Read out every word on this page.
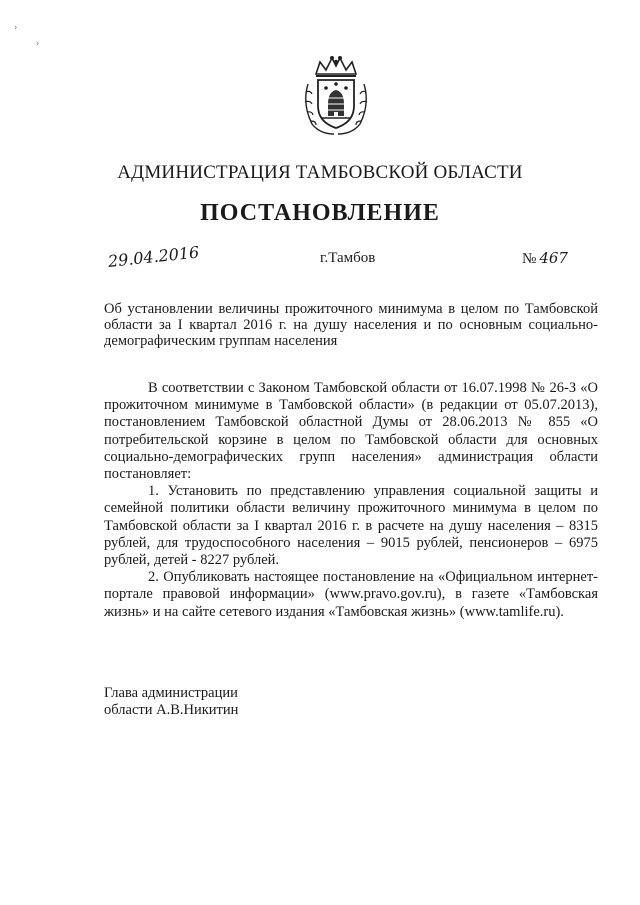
›
›
АДМИНИСТРАЦИЯ ТАМБОВСКОЙ ОБЛАСТИ
ПОСТАНОВЛЕНИЕ
29.04.2016	г.Тамбов	№ 467
Об установлении величины прожиточного минимума в целом по Тамбовской области за I квартал 2016 г. на душу населения и по основным социально-демографическим группам населения

В соответствии с Законом Тамбовской области от 16.07.1998 № 26-З «О прожиточном минимуме в Тамбовской области» (в редакции от 05.07.2013), постановлением Тамбовской областной Думы от 28.06.2013 № 855 «О потребительской корзине в целом по Тамбовской области для основных социально-демографических групп населения» администрация области постановляет:

1. Установить по представлению управления социальной защиты и семейной политики области величину прожиточного минимума в целом по Тамбовской области за I квартал 2016 г. в расчете на душу населения – 8315 рублей, для трудоспособного населения – 9015 рублей, пенсионеров – 6975 рублей, детей - 8227 рублей.

2. Опубликовать настоящее постановление на «Официальном интернет-портале правовой информации» (www.pravo.gov.ru), в газете «Тамбовская жизнь» и на сайте сетевого издания «Тамбовская жизнь» (www.tamlife.ru).

Глава администрации
области А.В.Никитин
